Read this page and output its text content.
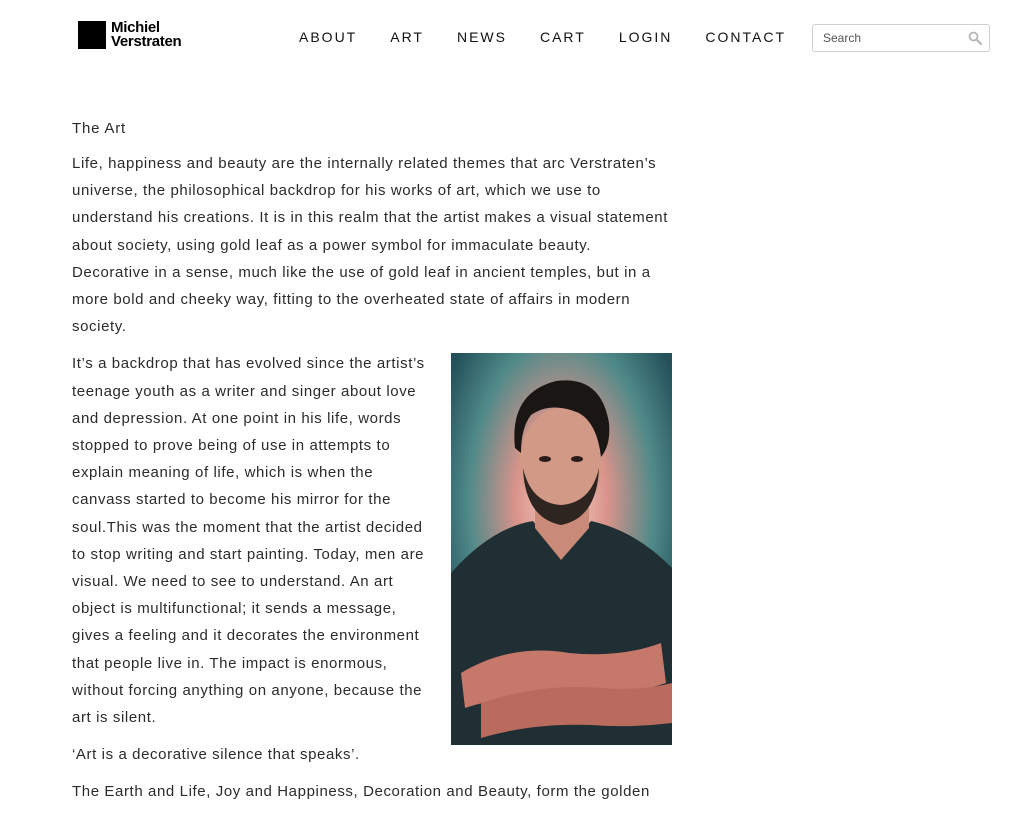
Michiel
Verstraten	ABOUT ART NEWS CART LOGIN CONTACT
Search

The Art

Life, happiness and beauty are the internally related themes that arc Verstraten’s universe, the philosophical backdrop for his works of art, which we use to understand his creations. It is in this realm that the artist makes a visual statement about society, using gold leaf as a power symbol for immaculate beauty. Decorative in a sense, much like the use of gold leaf in ancient temples, but in a more bold and cheeky way, fitting to the overheated state of affairs in modern society.

It’s a backdrop that has evolved since the artist’s teenage youth as a writer and singer about love and depression. At one point in his life, words stopped to prove being of use in attempts to explain meaning of life, which is when the canvass started to become his mirror for the soul.This was the moment that the artist decided to stop writing and start painting. Today, men are visual. We need to see to understand. An art object is multifunctional; it sends a message, gives a feeling and it decorates the environment that people live in. The impact is enormous, without forcing anything on anyone, because the art is silent.

‘Art is a decorative silence that speaks’.

The Earth and Life, Joy and Happiness, Decoration and Beauty, form the golden
